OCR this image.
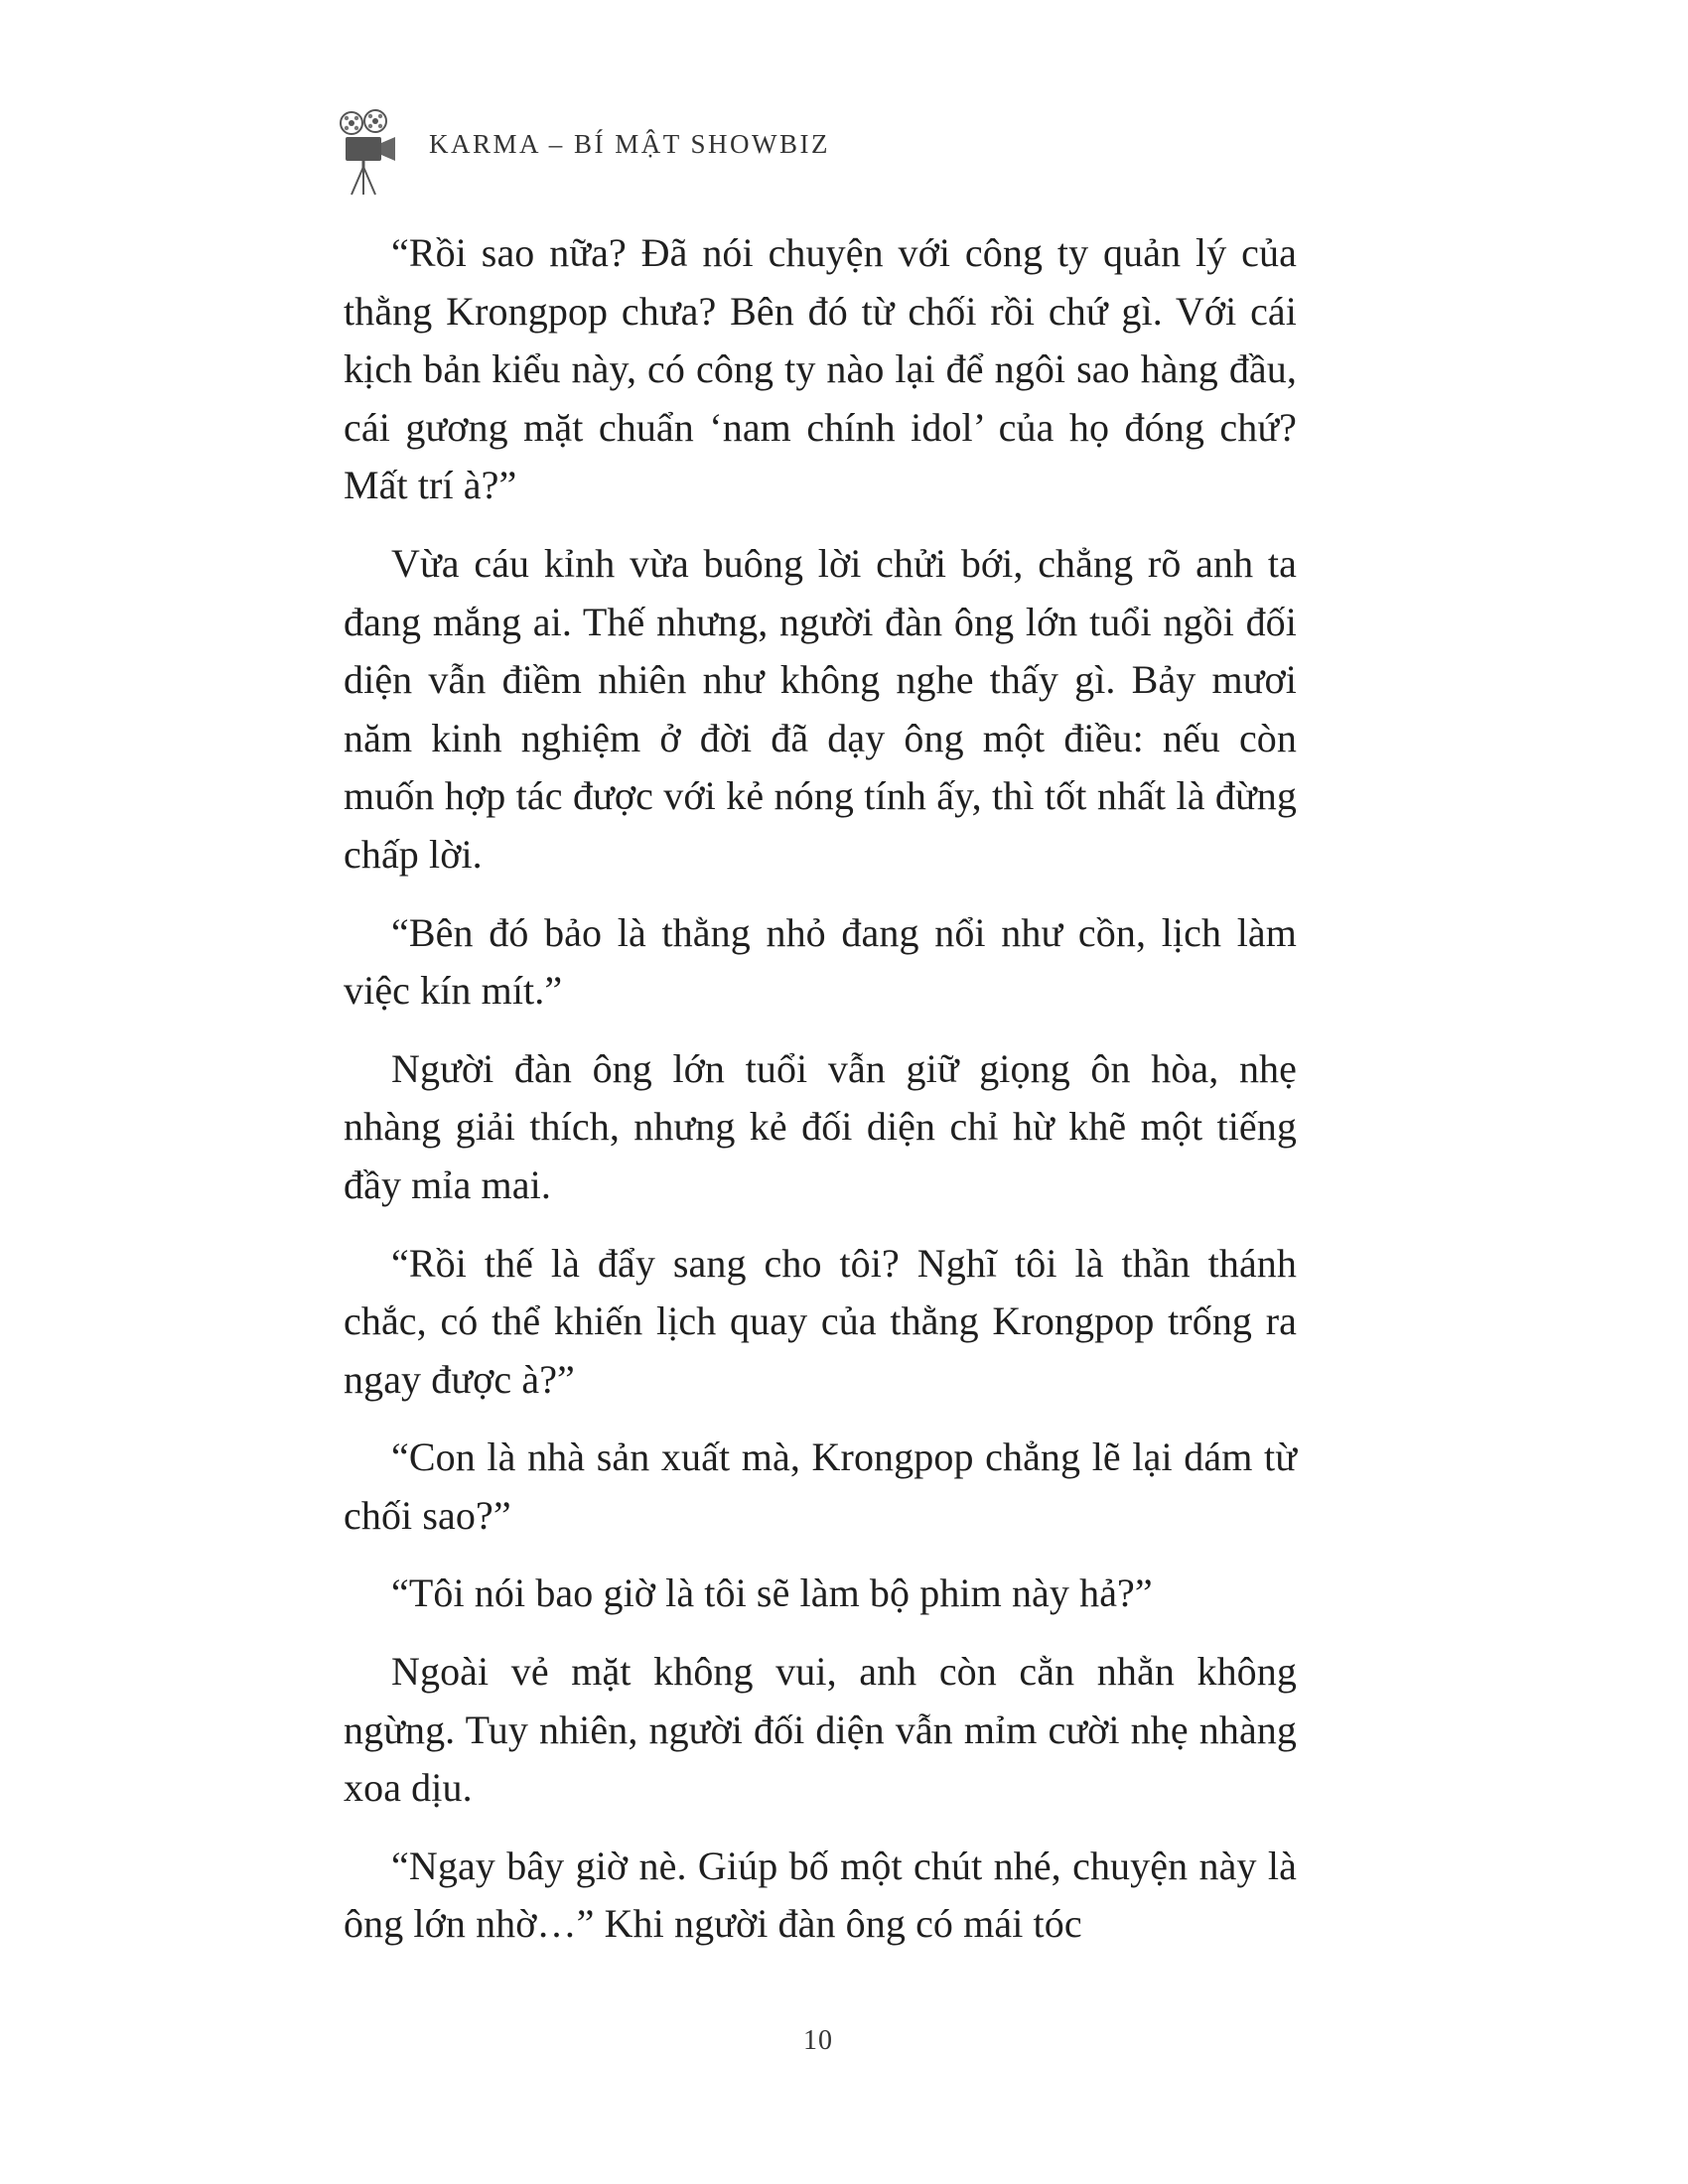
KARMA – BÍ MẬT SHOWBIZ

“Rồi sao nữa? Đã nói chuyện với công ty quản lý của thằng Krongpop chưa? Bên đó từ chối rồi chứ gì. Với cái kịch bản kiểu này, có công ty nào lại để ngôi sao hàng đầu, cái gương mặt chuẩn ‘nam chính idol’ của họ đóng chứ? Mất trí à?”

Vừa cáu kỉnh vừa buông lời chửi bới, chẳng rõ anh ta đang mắng ai. Thế nhưng, người đàn ông lớn tuổi ngồi đối diện vẫn điềm nhiên như không nghe thấy gì. Bảy mươi năm kinh nghiệm ở đời đã dạy ông một điều: nếu còn muốn hợp tác được với kẻ nóng tính ấy, thì tốt nhất là đừng chấp lời.

“Bên đó bảo là thằng nhỏ đang nổi như cồn, lịch làm việc kín mít.”

Người đàn ông lớn tuổi vẫn giữ giọng ôn hòa, nhẹ nhàng giải thích, nhưng kẻ đối diện chỉ hừ khẽ một tiếng đầy mỉa mai.

“Rồi thế là đẩy sang cho tôi? Nghĩ tôi là thần thánh chắc, có thể khiến lịch quay của thằng Krongpop trống ra ngay được à?”

“Con là nhà sản xuất mà, Krongpop chẳng lẽ lại dám từ chối sao?”

“Tôi nói bao giờ là tôi sẽ làm bộ phim này hả?”

Ngoài vẻ mặt không vui, anh còn cằn nhằn không ngừng. Tuy nhiên, người đối diện vẫn mỉm cười nhẹ nhàng xoa dịu.

“Ngay bây giờ nè. Giúp bố một chút nhé, chuyện này là ông lớn nhờ…” Khi người đàn ông có mái tóc

10
